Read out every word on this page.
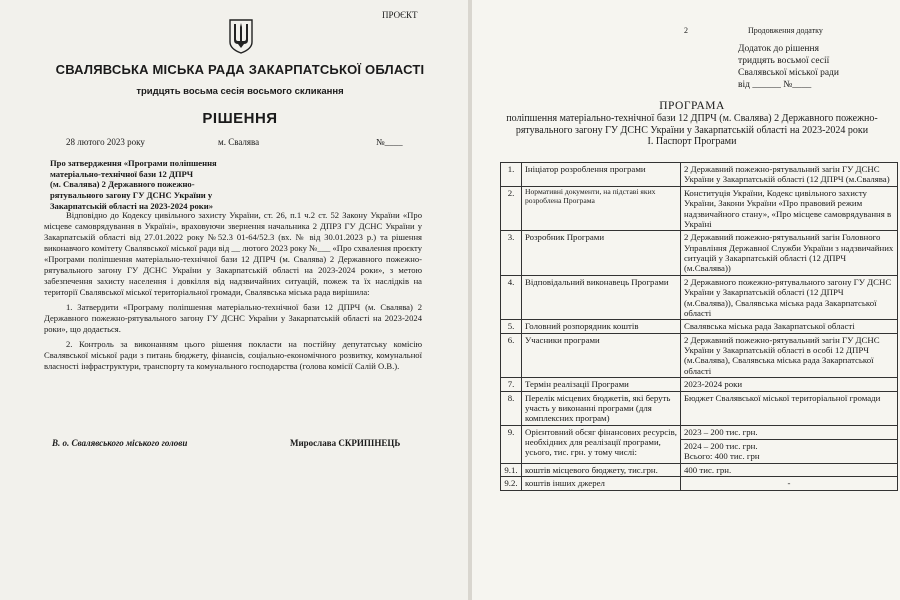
ПРОЄКТ
СВАЛЯВСЬКА МІСЬКА РАДА ЗАКАРПАТСЬКОЇ ОБЛАСТІ
тридцять восьма сесія восьмого скликання
РІШЕННЯ
28 лютого 2023 року	м. Свалява	№____
Про затвердження «Програми поліпшення
матеріально-технічної бази 12 ДПРЧ
(м. Свалява) 2 Державного пожежно-
рятувального загону ГУ ДСНС України у
Закарпатській області на 2023-2024 роки»

Відповідно до Кодексу цивільного захисту України, ст. 26, п.1 ч.2 ст. 52 Закону України «Про місцеве самоврядування в Україні», враховуючи звернення начальника 2 ДПРЗ ГУ ДСНС України у Закарпатській області від 27.01.2022 року №52.3 01-64/52.3 (вх. № від 30.01.2023 р.) та рішення виконавчого комітету Свалявської міської ради від __ лютого 2023 року №___ «Про схвалення проєкту «Програми поліпшення матеріально-технічної бази 12 ДПРЧ (м. Свалява) 2 Державного пожежно-рятувального загону ГУ ДСНС України у Закарпатській області на 2023-2024 роки», з метою забезпечення захисту населення і довкілля від надзвичайних ситуацій, пожеж та їх наслідків на території Свалявської міської територіальної громади, Свалявська міська рада вирішила:

1. Затвердити «Програму поліпшення матеріально-технічної бази 12 ДПРЧ (м. Свалява) 2 Державного пожежно-рятувального загону ГУ ДСНС України у Закарпатській області на 2023-2024 роки», що додається.

2. Контроль за виконанням цього рішення покласти на постійну депутатську комісію Свалявської міської ради з питань бюджету, фінансів, соціально-економічного розвитку, комунальної власності інфраструктури, транспорту та комунального господарства (голова комісії Салій О.В.).

В. о. Свалявського міського голови	Мирослава СКРИПІНЕЦЬ
2	Продовження додатку
Додаток до рішення
тридцять восьмої сесії
Свалявської міської ради
від ______ №____
ПРОГРАМА
поліпшення матеріально-технічної бази 12 ДПРЧ (м. Свалява) 2 Державного пожежно-рятувального загону ГУ ДСНС України у Закарпатській області на 2023-2024 роки
I. Паспорт Програми
1.	Ініціатор розроблення програми	2 Державний пожежно-рятувальний загін ГУ ДСНС України у Закарпатській області (12 ДПРЧ (м.Свалява)
2.	Нормативні документи, на підставі яких розроблена Програма	Конституція України, Кодекс цивільного захисту України, Закони України «Про правовий режим надзвичайного стану», «Про місцеве самоврядування в Україні
3.	Розробник Програми	2 Державний пожежно-рятувальний загін Головного Управління Державної Служби України з надзвичайних ситуацій у Закарпатській області (12 ДПРЧ (м.Свалява))
4.	Відповідальний виконавець Програми	2 Державного пожежно-рятувального загону ГУ ДСНС України у Закарпатській області (12 ДПРЧ (м.Свалява)), Свалявська міська рада Закарпатської області
5.	Головний розпорядник коштів	Свалявська міська рада Закарпатської області
6.	Учасники програми	2 Державний пожежно-рятувальний загін ГУ ДСНС України у Закарпатській області в особі 12 ДПРЧ (м.Свалява), Свалявська міська рада Закарпатської області
7.	Термін реалізації Програми	2023-2024 роки
8.	Перелік місцевих бюджетів, які беруть участь у виконанні програми (для комплексних програм)	Бюджет Свалявської міської територіальної громади
9.	Орієнтовний обсяг фінансових ресурсів, необхідних для реалізації програми, усього, тис. грн. у тому числі:	2023 – 200 тис. грн.
2024 – 200 тис. грн.
Всього: 400 тис. грн

9.1.	коштів місцевого бюджету, тис.грн.	400 тис. грн.
9.2.	коштів інших джерел	-
